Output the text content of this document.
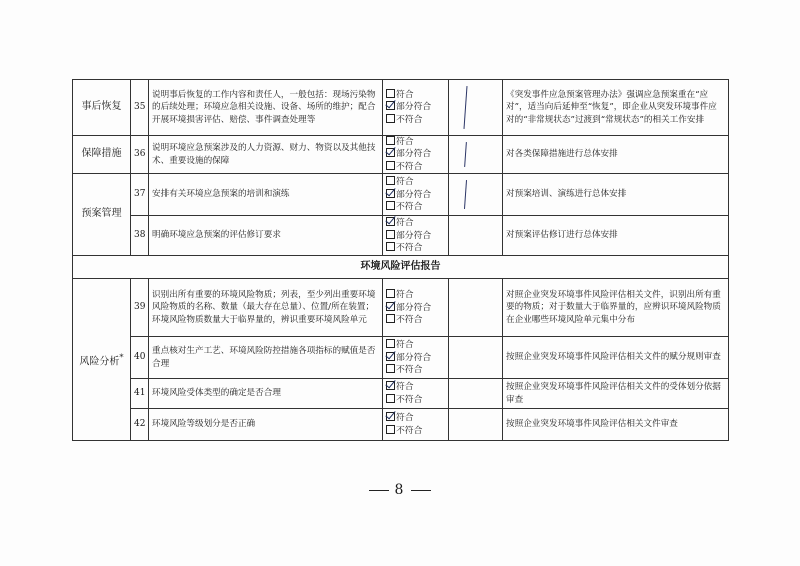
事后恢复	35	说明事后恢复的工作内容和责任人，一般包括：现场污染物的后续处理；环境应急相关设施、设备、场所的维护；配合开展环境损害评估、赔偿、事件调查处理等	符合
部分符合
不符合		《突发事件应急预案管理办法》强调应急预案重在“应对”，适当向后延伸至“恢复”，即企业从突发环境事件应对的“非常规状态”过渡到“常规状态”的相关工作安排
保障措施	36	说明环境应急预案涉及的人力资源、财力、物资以及其他技术、重要设施的保障	符合
部分符合
不符合		对各类保障措施进行总体安排
预案管理	37	安排有关环境应急预案的培训和演练	符合
部分符合
不符合		对预案培训、演练进行总体安排
	38	明确环境应急预案的评估修订要求	符合
部分符合
不符合		对预案评估修订进行总体安排
环境风险评估报告					
风险分析*	39	识别出所有重要的环境风险物质；列表，至少列出重要环境风险物质的名称、数量（最大存在总量）、位置/所在装置；环境风险物质数量大于临界量的，辨识重要环境风险单元	符合
部分符合
不符合		对照企业突发环境事件风险评估相关文件，识别出所有重要的物质；对于数量大于临界量的，应辨识环境风险物质在企业哪些环境风险单元集中分布
	40	重点核对生产工艺、环境风险防控措施各项指标的赋值是否合理	符合
部分符合
不符合		按照企业突发环境事件风险评估相关文件的赋分规则审查
	41	环境风险受体类型的确定是否合理	符合
不符合		按照企业突发环境事件风险评估相关文件的受体划分依据审查
	42	环境风险等级划分是否正确	符合
不符合		按照企业突发环境事件风险评估相关文件审查
8
